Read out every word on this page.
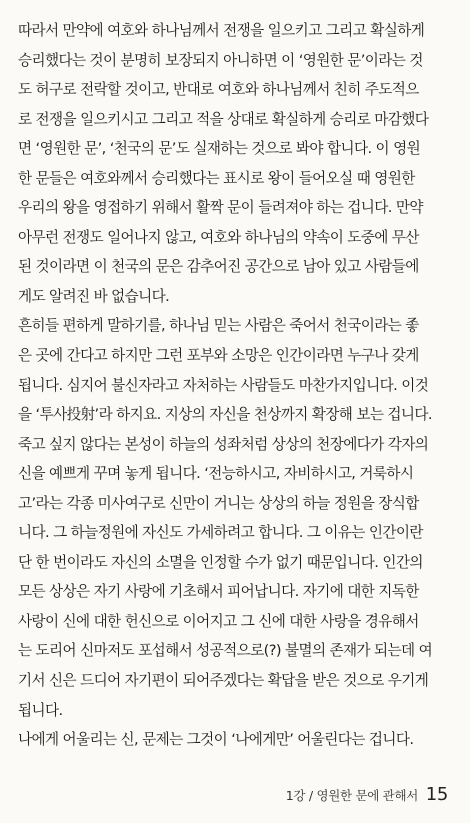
따라서 만약에 여호와 하나님께서 전쟁을 일으키고 그리고 확실하게
승리했다는 것이 분명히 보장되지 아니하면 이 ‘영원한 문’이라는 것
도 허구로 전락할 것이고, 반대로 여호와 하나님께서 친히 주도적으
로 전쟁을 일으키시고 그리고 적을 상대로 확실하게 승리로 마감했다
면 ‘영원한 문’, ‘천국의 문’도 실재하는 것으로 봐야 합니다. 이 영원
한 문들은 여호와께서 승리했다는 표시로 왕이 들어오실 때 영원한
우리의 왕을 영접하기 위해서 활짝 문이 들려져야 하는 겁니다. 만약
아무런 전쟁도 일어나지 않고, 여호와 하나님의 약속이 도중에 무산
된 것이라면 이 천국의 문은 감추어진 공간으로 남아 있고 사람들에
게도 알려진 바 없습니다.
흔히들 편하게 말하기를, 하나님 믿는 사람은 죽어서 천국이라는 좋
은 곳에 간다고 하지만 그런 포부와 소망은 인간이라면 누구나 갖게
됩니다. 심지어 불신자라고 자처하는 사람들도 마찬가지입니다. 이것
을 ‘투사投射’라 하지요. 지상의 자신을 천상까지 확장해 보는 겁니다.
죽고 싶지 않다는 본성이 하늘의 성좌처럼 상상의 천장에다가 각자의
신을 예쁘게 꾸며 놓게 됩니다. ‘전능하시고, 자비하시고, 거룩하시
고’라는 각종 미사여구로 신만이 거니는 상상의 하늘 정원을 장식합
니다. 그 하늘정원에 자신도 가세하려고 합니다. 그 이유는 인간이란
단 한 번이라도 자신의 소멸을 인정할 수가 없기 때문입니다. 인간의
모든 상상은 자기 사랑에 기초해서 피어납니다. 자기에 대한 지독한
사랑이 신에 대한 헌신으로 이어지고 그 신에 대한 사랑을 경유해서
는 도리어 신마저도 포섭해서 성공적으로(?) 불멸의 존재가 되는데 여
기서 신은 드디어 자기편이 되어주겠다는 확답을 받은 것으로 우기게
됩니다.
나에게 어울리는 신, 문제는 그것이 ‘나에게만’ 어울린다는 겁니다.
1강 / 영원한 문에 관해서 15
